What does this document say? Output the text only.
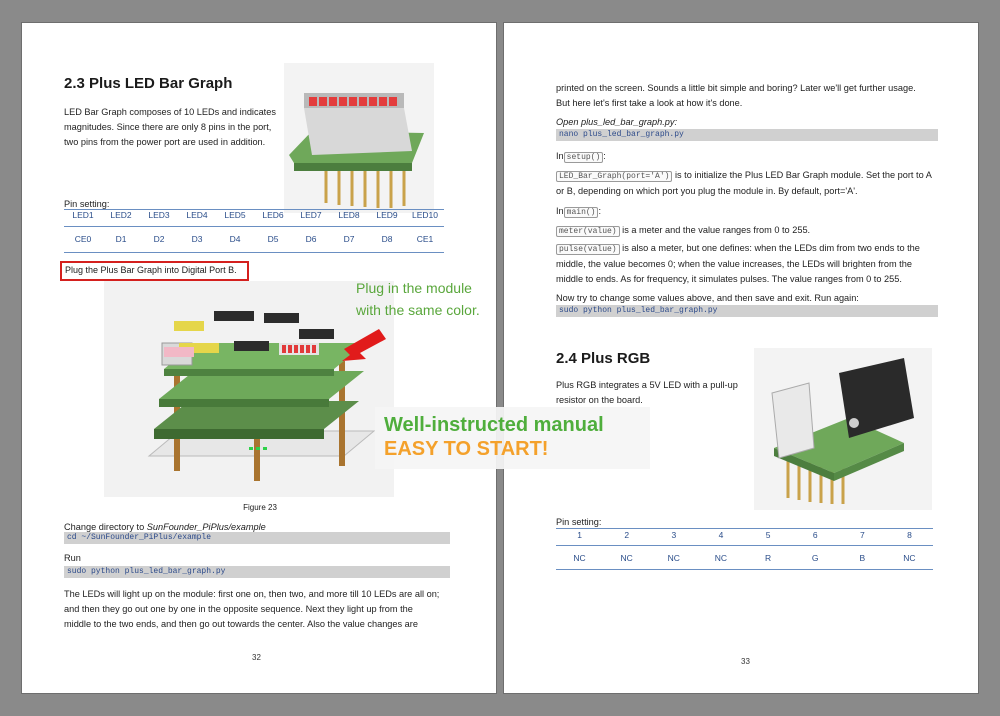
2.3 Plus LED Bar Graph
LED Bar Graph composes of 10 LEDs and indicates
magnitudes. Since there are only 8 pins in the port,
two pins from the power port are used in addition.
Pin setting:
LED1	LED2	LED3	LED4	LED5	LED6	LED7	LED8	LED9	LED10
CE0	D1	D2	D3	D4	D5	D6	D7	D8	CE1
Plug the Plus Bar Graph into Digital Port B.
Plug in the module
with the same color.
Figure 23
Change directory to SunFounder_PiPlus/example
cd ~/SunFounder_PiPlus/example
Run
sudo python plus_led_bar_graph.py
The LEDs will light up on the module: first one on, then two, and more till 10 LEDs are all on;
and then they go out one by one in the opposite sequence. Next they light up from the
middle to the two ends, and then go out towards the center. Also the value changes are
32
printed on the screen. Sounds a little bit simple and boring? Later we'll get further usage.
But here let's first take a look at how it's done.
Open plus_led_bar_graph.py:
nano plus_led_bar_graph.py
In setup() :
LED_Bar_Graph(port='A') is to initialize the Plus LED Bar Graph module. Set the port to A
or B, depending on which port you plug the module in. By default, port='A'.
In main() :
meter(value) is a meter and the value ranges from 0 to 255.
pulse(value) is also a meter, but one defines: when the LEDs dim from two ends to the
middle, the value becomes 0; when the value increases, the LEDs will brighten from the
middle to ends. As for frequency, it simulates pulses. The value ranges from 0 to 255.
Now try to change some values above, and then save and exit. Run again:
sudo python plus_led_bar_graph.py
2.4 Plus RGB
Plus RGB integrates a 5V LED with a pull-up
resistor on the board.
Pin setting:
1	2	3	4	5	6	7	8
NC	NC	NC	NC	R	G	B	NC
33
Well-instructed manual
EASY TO START!
